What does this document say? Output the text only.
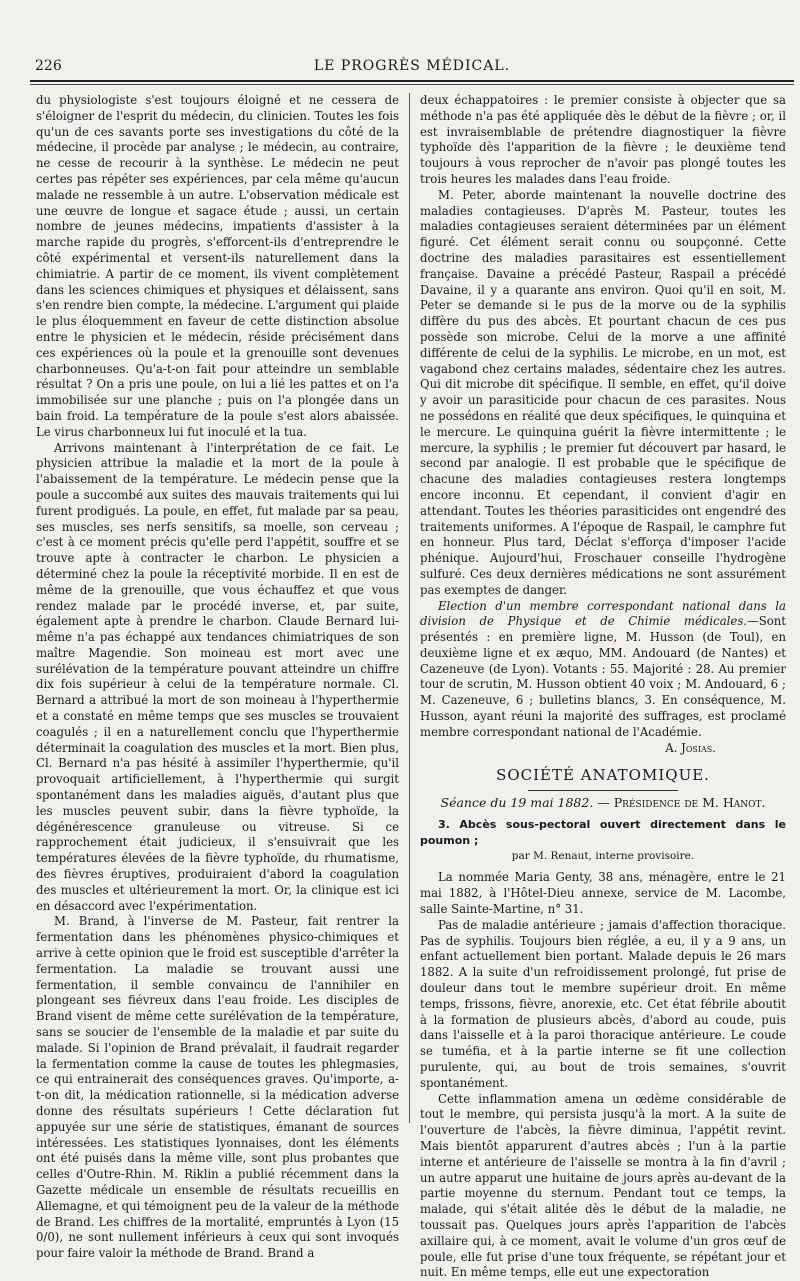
226	LE PROGRÈS MÉDICAL.

du physiologiste s'est toujours éloigné et ne cessera de s'éloigner de l'esprit du médecin, du clinicien. Toutes les fois qu'un de ces savants porte ses investigations du côté de la médecine, il procède par analyse ; le médecin, au contraire, ne cesse de recourir à la synthèse. Le médecin ne peut certes pas répéter ses expériences, par cela même qu'aucun malade ne ressemble à un autre. L'observation médicale est une œuvre de longue et sagace étude ; aussi, un certain nombre de jeunes médecins, impatients d'assister à la marche rapide du progrès, s'efforcent-ils d'entreprendre le côté expérimental et versent-ils naturellement dans la chimiatrie. A partir de ce moment, ils vivent complètement dans les sciences chimiques et physiques et délaissent, sans s'en rendre bien compte, la médecine. L'argument qui plaide le plus éloquemment en faveur de cette distinction absolue entre le physicien et le médecin, réside précisément dans ces expériences où la poule et la grenouille sont devenues charbonneuses. Qu'a-t-on fait pour atteindre un semblable résultat ? On a pris une poule, on lui a lié les pattes et on l'a immobilisée sur une planche ; puis on l'a plongée dans un bain froid. La température de la poule s'est alors abaissée. Le virus charbonneux lui fut inoculé et la tua.

Arrivons maintenant à l'interprétation de ce fait. Le physicien attribue la maladie et la mort de la poule à l'abaissement de la température. Le médecin pense que la poule a succombé aux suites des mauvais traitements qui lui furent prodigués. La poule, en effet, fut malade par sa peau, ses muscles, ses nerfs sensitifs, sa moelle, son cerveau ; c'est à ce moment précis qu'elle perd l'appétit, souffre et se trouve apte à contracter le charbon. Le physicien a déterminé chez la poule la réceptivité morbide. Il en est de même de la grenouille, que vous échauffez et que vous rendez malade par le procédé inverse, et, par suite, également apte à prendre le charbon. Claude Bernard lui-même n'a pas échappé aux tendances chimiatriques de son maître Magendie. Son moineau est mort avec une surélévation de la température pouvant atteindre un chiffre dix fois supérieur à celui de la température normale. Cl. Bernard a attribué la mort de son moineau à l'hyperthermie et a constaté en même temps que ses muscles se trouvaient coagulés ; il en a naturellement conclu que l'hyperthermie déterminait la coagulation des muscles et la mort. Bien plus, Cl. Bernard n'a pas hésité à assimiler l'hyperthermie, qu'il provoquait artificiellement, à l'hyperthermie qui surgit spontanément dans les maladies aiguës, d'autant plus que les muscles peuvent subir, dans la fièvre typhoïde, la dégénérescence granuleuse ou vitreuse. Si ce rapprochement était judicieux, il s'ensuivrait que les températures élevées de la fièvre typhoïde, du rhumatisme, des fièvres éruptives, produiraient d'abord la coagulation des muscles et ultérieurement la mort. Or, la clinique est ici en désaccord avec l'expérimentation.

M. Brand, à l'inverse de M. Pasteur, fait rentrer la fermentation dans les phénomènes physico-chimiques et arrive à cette opinion que le froid est susceptible d'arrêter la fermentation. La maladie se trouvant aussi une fermentation, il semble convaincu de l'annihiler en plongeant ses fiévreux dans l'eau froide. Les disciples de Brand visent de même cette surélévation de la température, sans se soucier de l'ensemble de la maladie et par suite du malade. Si l'opinion de Brand prévalait, il faudrait regarder la fermentation comme la cause de toutes les phlegmasies, ce qui entrainerait des conséquences graves. Qu'importe, a-t-on dit, la médication rationnelle, si la médication adverse donne des résultats supérieurs ! Cette déclaration fut appuyée sur une série de statistiques, émanant de sources intéressées. Les statistiques lyonnaises, dont les éléments ont été puisés dans la même ville, sont plus probantes que celles d'Outre-Rhin. M. Riklin a publié récemment dans la Gazette médicale un ensemble de résultats recueillis en Allemagne, et qui témoignent peu de la valeur de la méthode de Brand. Les chiffres de la mortalité, empruntés à Lyon (15 0/0), ne sont nullement inférieurs à ceux qui sont invoqués pour faire valoir la méthode de Brand. Brand a

deux échappatoires : le premier consiste à objecter que sa méthode n'a pas été appliquée dès le début de la fièvre ; or, il est invraisemblable de prétendre diagnostiquer la fièvre typhoïde dès l'apparition de la fièvre ; le deuxième tend toujours à vous reprocher de n'avoir pas plongé toutes les trois heures les malades dans l'eau froide.

M. Peter, aborde maintenant la nouvelle doctrine des maladies contagieuses. D'après M. Pasteur, toutes les maladies contagieuses seraient déterminées par un élément figuré. Cet élément serait connu ou soupçonné. Cette doctrine des maladies parasitaires est essentiellement française. Davaine a précédé Pasteur, Raspail a précédé Davaine, il y a quarante ans environ. Quoi qu'il en soit, M. Peter se demande si le pus de la morve ou de la syphilis diffère du pus des abcès. Et pourtant chacun de ces pus possède son microbe. Celui de la morve a une affinité différente de celui de la syphilis. Le microbe, en un mot, est vagabond chez certains malades, sédentaire chez les autres. Qui dit microbe dit spécifique. Il semble, en effet, qu'il doive y avoir un parasiticide pour chacun de ces parasites. Nous ne possédons en réalité que deux spécifiques, le quinquina et le mercure. Le quinquina guérit la fièvre intermittente ; le mercure, la syphilis ; le premier fut découvert par hasard, le second par analogie. Il est probable que le spécifique de chacune des maladies contagieuses restera longtemps encore inconnu. Et cependant, il convient d'agir en attendant. Toutes les théories parasiticides ont engendré des traitements uniformes. A l'époque de Raspail, le camphre fut en honneur. Plus tard, Déclat s'efforça d'imposer l'acide phénique. Aujourd'hui, Froschauer conseille l'hydrogène sulfuré. Ces deux dernières médications ne sont assurément pas exemptes de danger.

Election d'un membre correspondant national dans la division de Physique et de Chimie médicales.—Sont présentés : en première ligne, M. Husson (de Toul), en deuxième ligne et ex æquo, MM. Andouard (de Nantes) et Cazeneuve (de Lyon). Votants : 55. Majorité : 28. Au premier tour de scrutin, M. Husson obtient 40 voix ; M. Andouard, 6 ; M. Cazeneuve, 6 ; bulletins blancs, 3. En conséquence, M. Husson, ayant réuni la majorité des suffrages, est proclamé membre correspondant national de l'Académie.

A. Josias.
SOCIÉTÉ ANATOMIQUE.
Séance du 19 mai 1882. — Présidence de M. Hanot.

3. Abcès sous-pectoral ouvert directement dans le poumon ;

par M. Renaut, interne provisoire.

La nommée Maria Genty, 38 ans, ménagère, entre le 21 mai 1882, à l'Hôtel-Dieu annexe, service de M. Lacombe, salle Sainte-Martine, n° 31.

Pas de maladie antérieure ; jamais d'affection thoracique. Pas de syphilis. Toujours bien réglée, a eu, il y a 9 ans, un enfant actuellement bien portant. Malade depuis le 26 mars 1882. A la suite d'un refroidissement prolongé, fut prise de douleur dans tout le membre supérieur droit. En même temps, frissons, fièvre, anorexie, etc. Cet état fébrile aboutit à la formation de plusieurs abcès, d'abord au coude, puis dans l'aisselle et à la paroi thoracique antérieure. Le coude se tuméfia, et à la partie interne se fit une collection purulente, qui, au bout de trois semaines, s'ouvrit spontanément.

Cette inflammation amena un œdème considérable de tout le membre, qui persista jusqu'à la mort. A la suite de l'ouverture de l'abcès, la fièvre diminua, l'appétit revint. Mais bientôt apparurent d'autres abcès ; l'un à la partie interne et antérieure de l'aisselle se montra à la fin d'avril ; un autre apparut une huitaine de jours après au-devant de la partie moyenne du sternum. Pendant tout ce temps, la malade, qui s'était alitée dès le début de la maladie, ne toussait pas. Quelques jours après l'apparition de l'abcès axillaire qui, à ce moment, avait le volume d'un gros œuf de poule, elle fut prise d'une toux fréquente, se répétant jour et nuit. En même temps, elle eut une expectoration
